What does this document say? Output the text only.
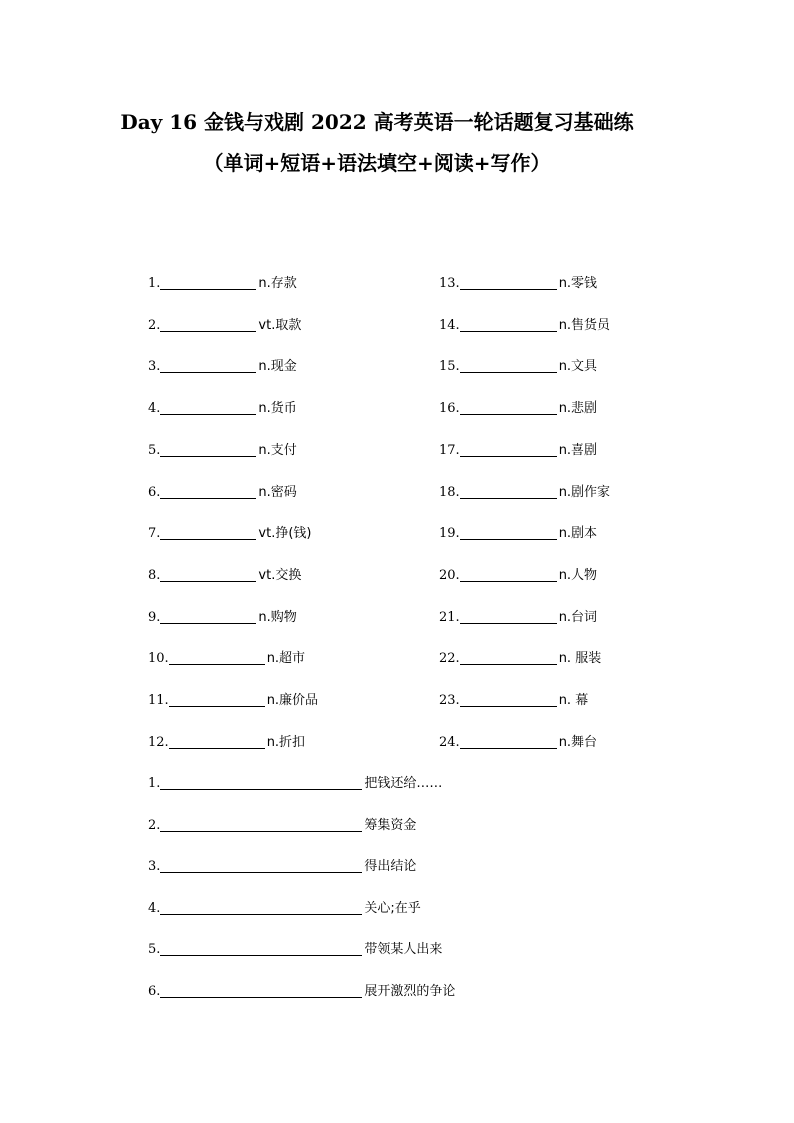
Day 16 金钱与戏剧 2022 高考英语一轮话题复习基础练
（单词+短语+语法填空+阅读+写作）
1.	n.存款
2.	vt.取款
3.	n.现金
4.	n.货币
5.	n.支付
6.	n.密码
7.	vt.挣(钱)
8.	vt.交换
9.	n.购物
10.	n.超市
11.	n.廉价品
12.	n.折扣
13.	n.零钱
14.	n.售货员
15.	n.文具
16.	n.悲剧
17.	n.喜剧
18.	n.剧作家
19.	n.剧本
20.	n.人物
21.	n.台词
22.	n. 服装
23.	n. 幕
24.	n.舞台
1.	把钱还给……
2.	筹集资金
3.	得出结论
4.	关心;在乎
5.	带领某人出来
6.	展开激烈的争论
